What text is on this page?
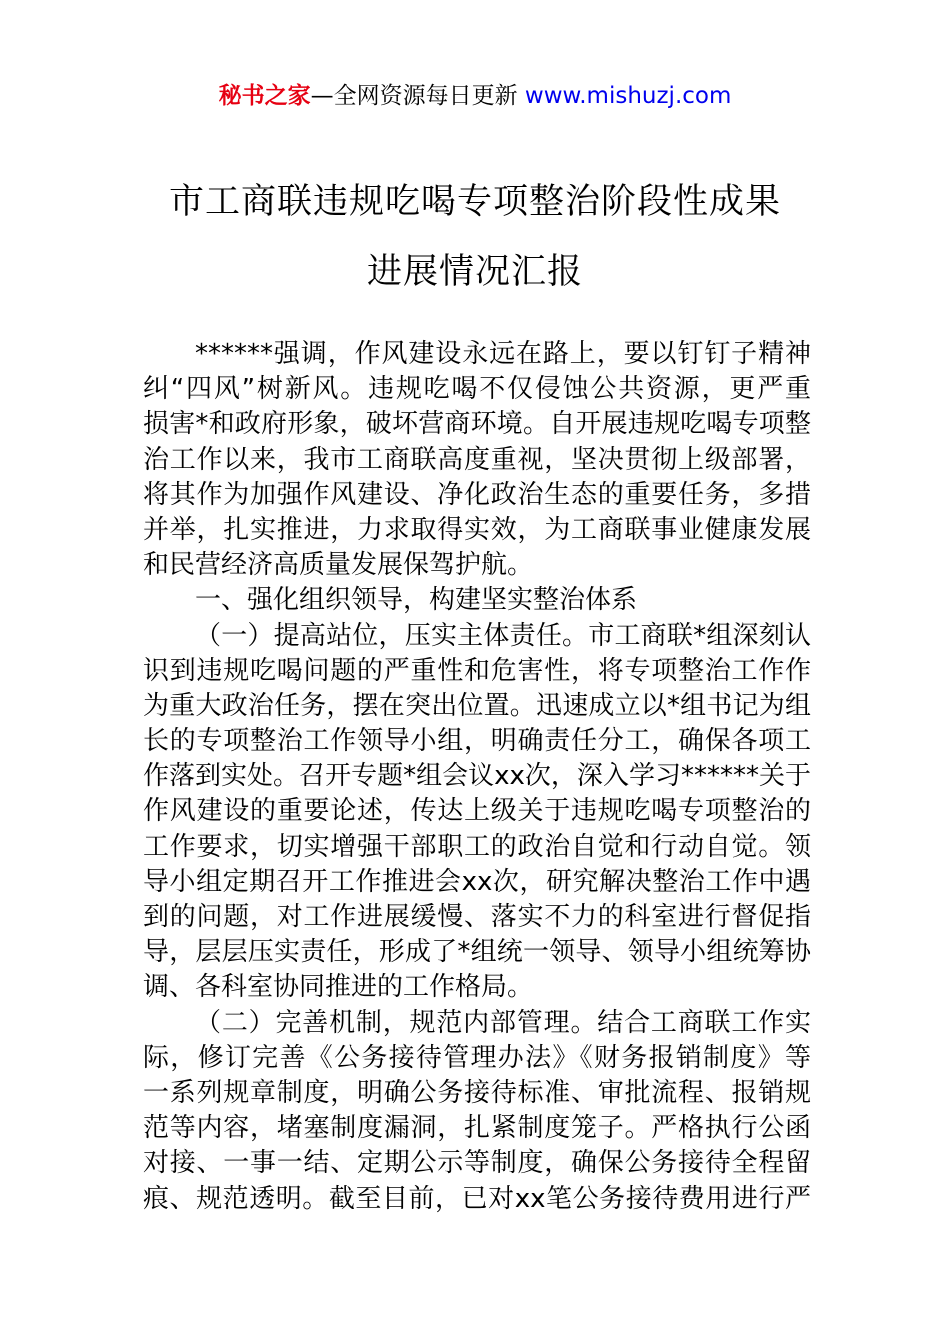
秘书之家—全网资源每日更新 www.mishuzj.com
市工商联违规吃喝专项整治阶段性成果
进展情况汇报
******强调，作风建设永远在路上，要以钉钉子精神
纠“四风”树新风。违规吃喝不仅侵蚀公共资源，更严重
损害*和政府形象，破坏营商环境。自开展违规吃喝专项整
治工作以来，我市工商联高度重视，坚决贯彻上级部署，
将其作为加强作风建设、净化政治生态的重要任务，多措
并举，扎实推进，力求取得实效，为工商联事业健康发展
和民营经济高质量发展保驾护航。
一、强化组织领导，构建坚实整治体系
（一）提高站位，压实主体责任。市工商联*组深刻认
识到违规吃喝问题的严重性和危害性，将专项整治工作作
为重大政治任务，摆在突出位置。迅速成立以*组书记为组
长的专项整治工作领导小组，明确责任分工，确保各项工
作落到实处。召开专题*组会议xx次，深入学习******关于
作风建设的重要论述，传达上级关于违规吃喝专项整治的
工作要求，切实增强干部职工的政治自觉和行动自觉。领
导小组定期召开工作推进会xx次，研究解决整治工作中遇
到的问题，对工作进展缓慢、落实不力的科室进行督促指
导，层层压实责任，形成了*组统一领导、领导小组统筹协
调、各科室协同推进的工作格局。
（二）完善机制，规范内部管理。结合工商联工作实
际，修订完善《公务接待管理办法》《财务报销制度》等
一系列规章制度，明确公务接待标准、审批流程、报销规
范等内容，堵塞制度漏洞，扎紧制度笼子。严格执行公函
对接、一事一结、定期公示等制度，确保公务接待全程留
痕、规范透明。截至目前，已对xx笔公务接待费用进行严
